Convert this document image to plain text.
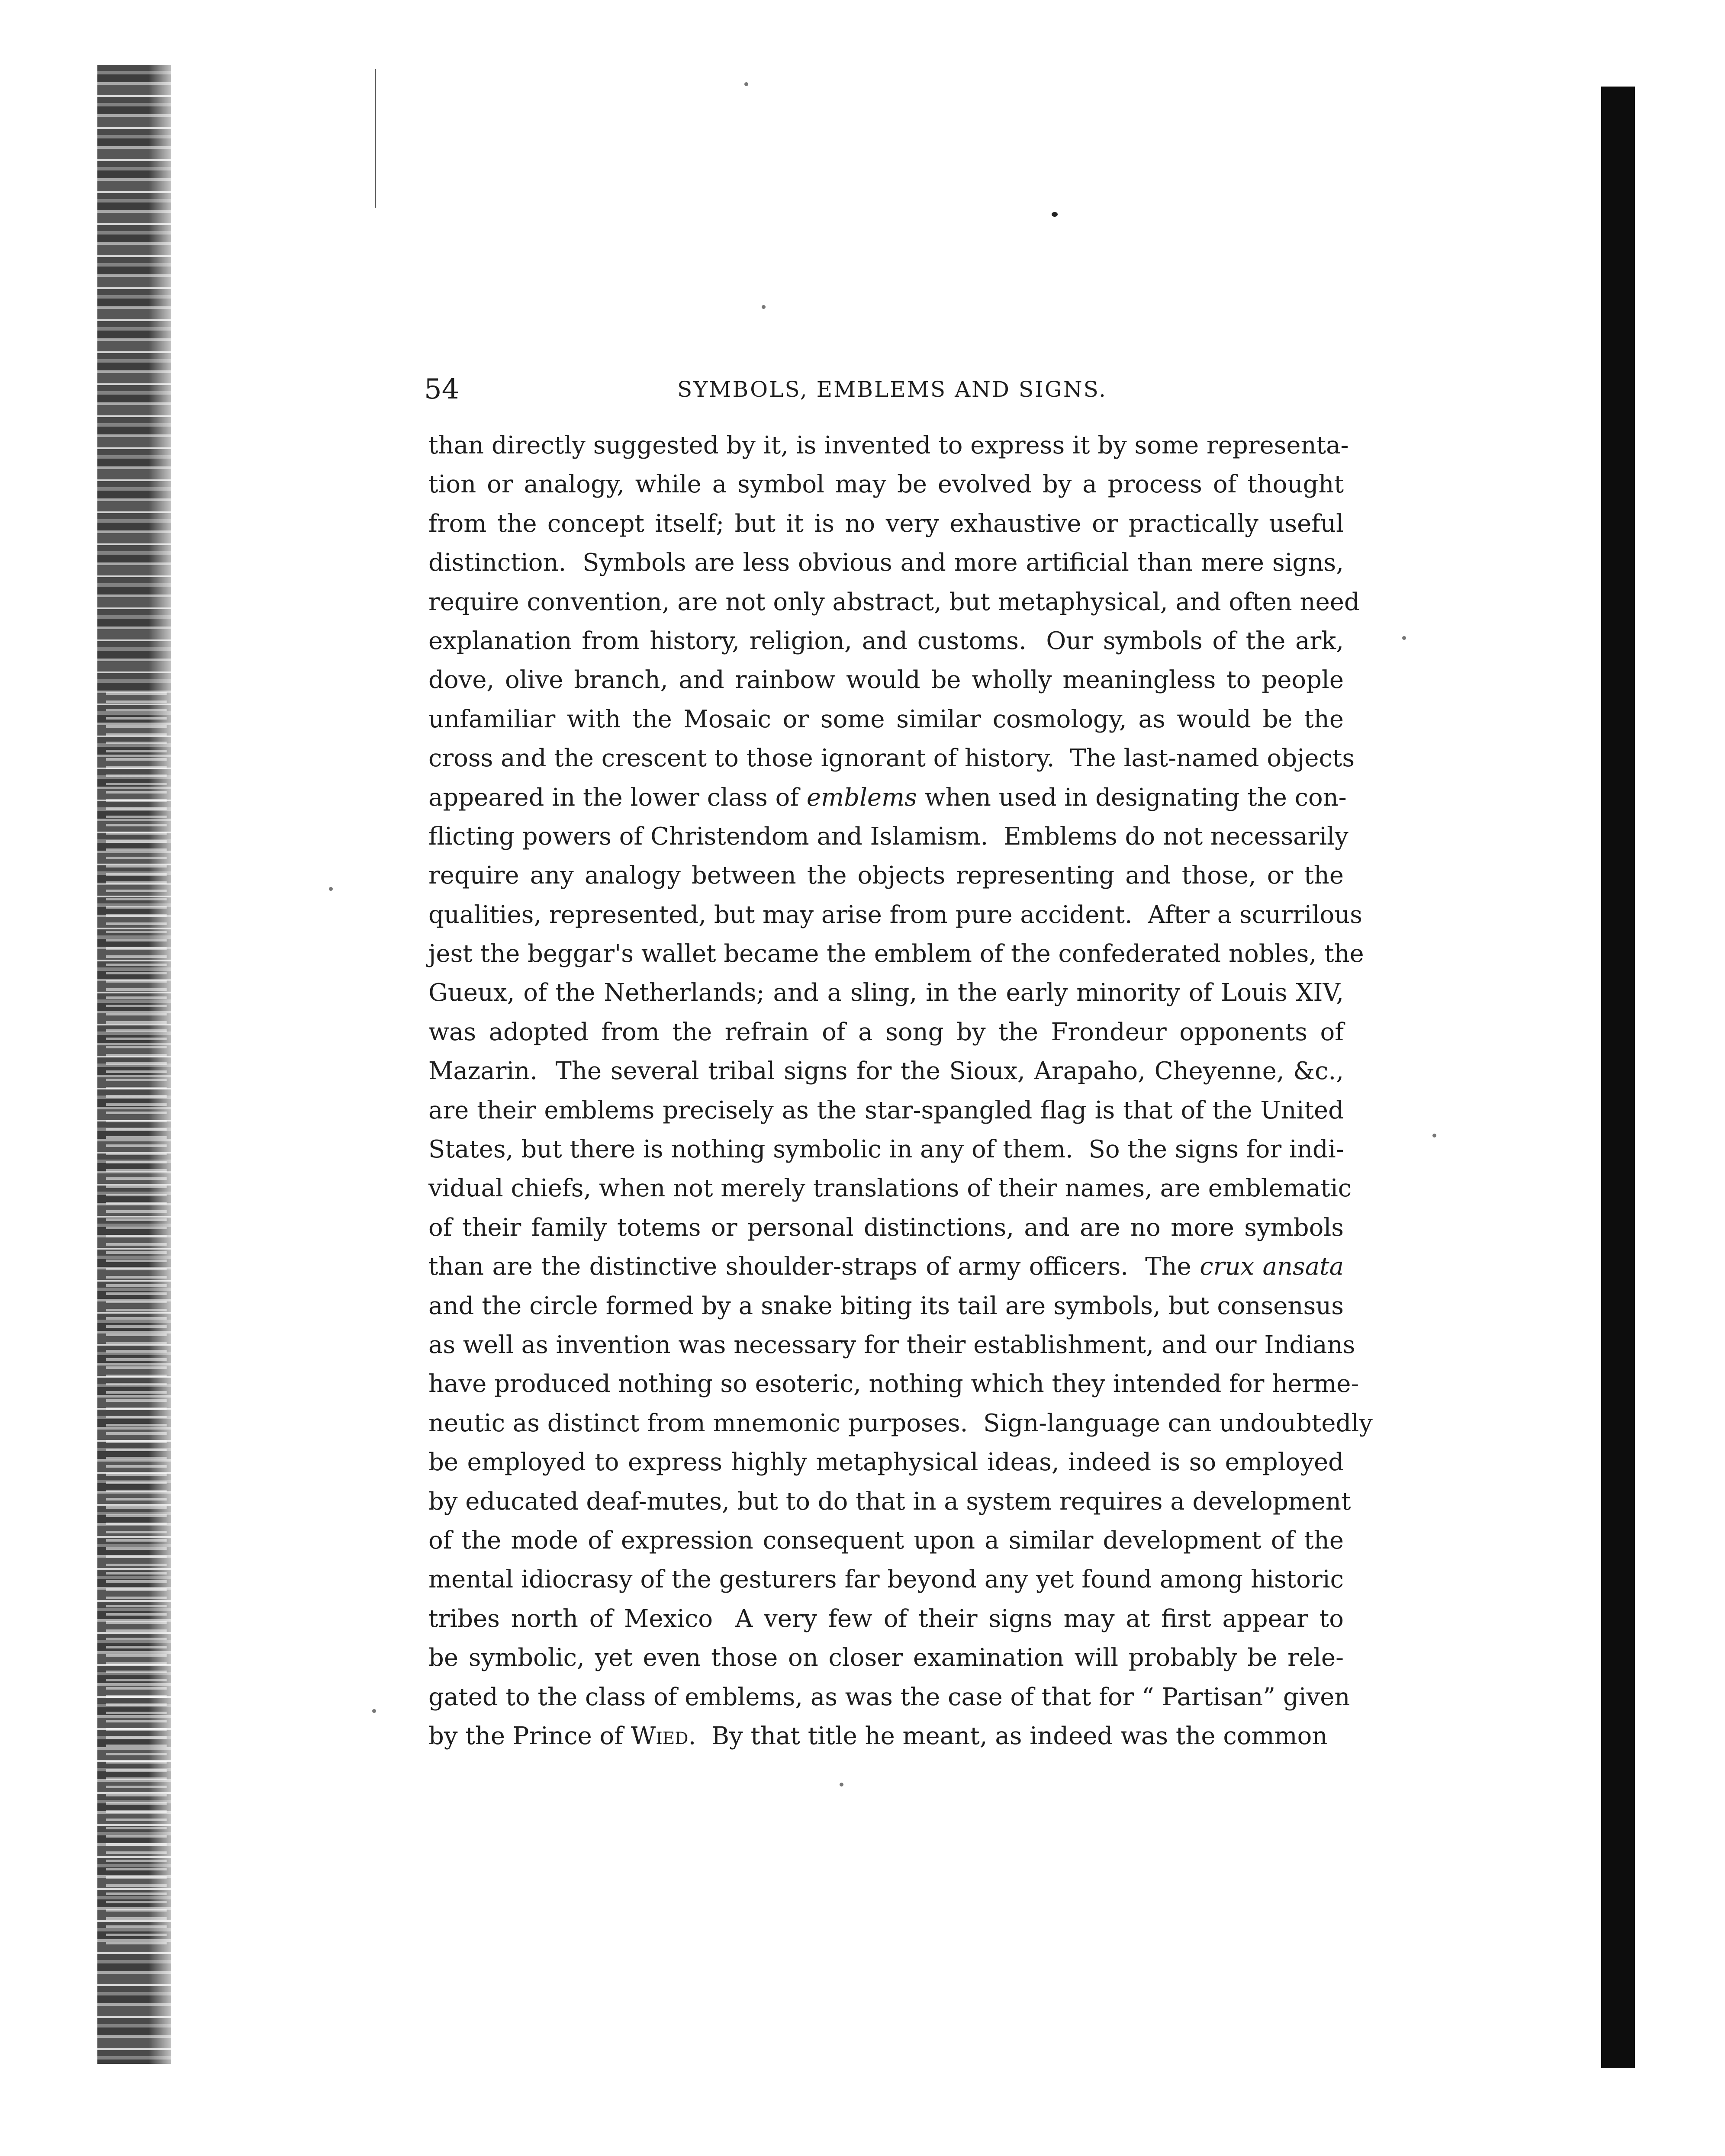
54	SYMBOLS, EMBLEMS AND SIGNS.
than directly suggested by it, is invented to express it by some representa-
tion or analogy, while a symbol may be evolved by a process of thought
from the concept itself; but it is no very exhaustive or practically useful
distinction.  Symbols are less obvious and more artificial than mere signs,
require convention, are not only abstract, but metaphysical, and often need
explanation from history, religion, and customs.  Our symbols of the ark,
dove, olive branch, and rainbow would be wholly meaningless to people
unfamiliar with the Mosaic or some similar cosmology, as would be the
cross and the crescent to those ignorant of history.  The last-named objects
appeared in the lower class of emblems when used in designating the con-
flicting powers of Christendom and Islamism.  Emblems do not necessarily
require any analogy between the objects representing and those, or the
qualities, represented, but may arise from pure accident.  After a scurrilous
jest the beggar's wallet became the emblem of the confederated nobles, the
Gueux, of the Netherlands; and a sling, in the early minority of Louis XIV,
was adopted from the refrain of a song by the Frondeur opponents of
Mazarin.  The several tribal signs for the Sioux, Arapaho, Cheyenne, &c.,
are their emblems precisely as the star-spangled flag is that of the United
States, but there is nothing symbolic in any of them.  So the signs for indi-
vidual chiefs, when not merely translations of their names, are emblematic
of their family totems or personal distinctions, and are no more symbols
than are the distinctive shoulder-straps of army officers.  The crux ansata
and the circle formed by a snake biting its tail are symbols, but consensus
as well as invention was necessary for their establishment, and our Indians
have produced nothing so esoteric, nothing which they intended for herme-
neutic as distinct from mnemonic purposes.  Sign-language can undoubtedly
be employed to express highly metaphysical ideas, indeed is so employed
by educated deaf-mutes, but to do that in a system requires a development
of the mode of expression consequent upon a similar development of the
mental idiocrasy of the gesturers far beyond any yet found among historic
tribes north of Mexico  A very few of their signs may at first appear to
be symbolic, yet even those on closer examination will probably be rele-
gated to the class of emblems, as was the case of that for “ Partisan” given
by the Prince of Wied.  By that title he meant, as indeed was the common
